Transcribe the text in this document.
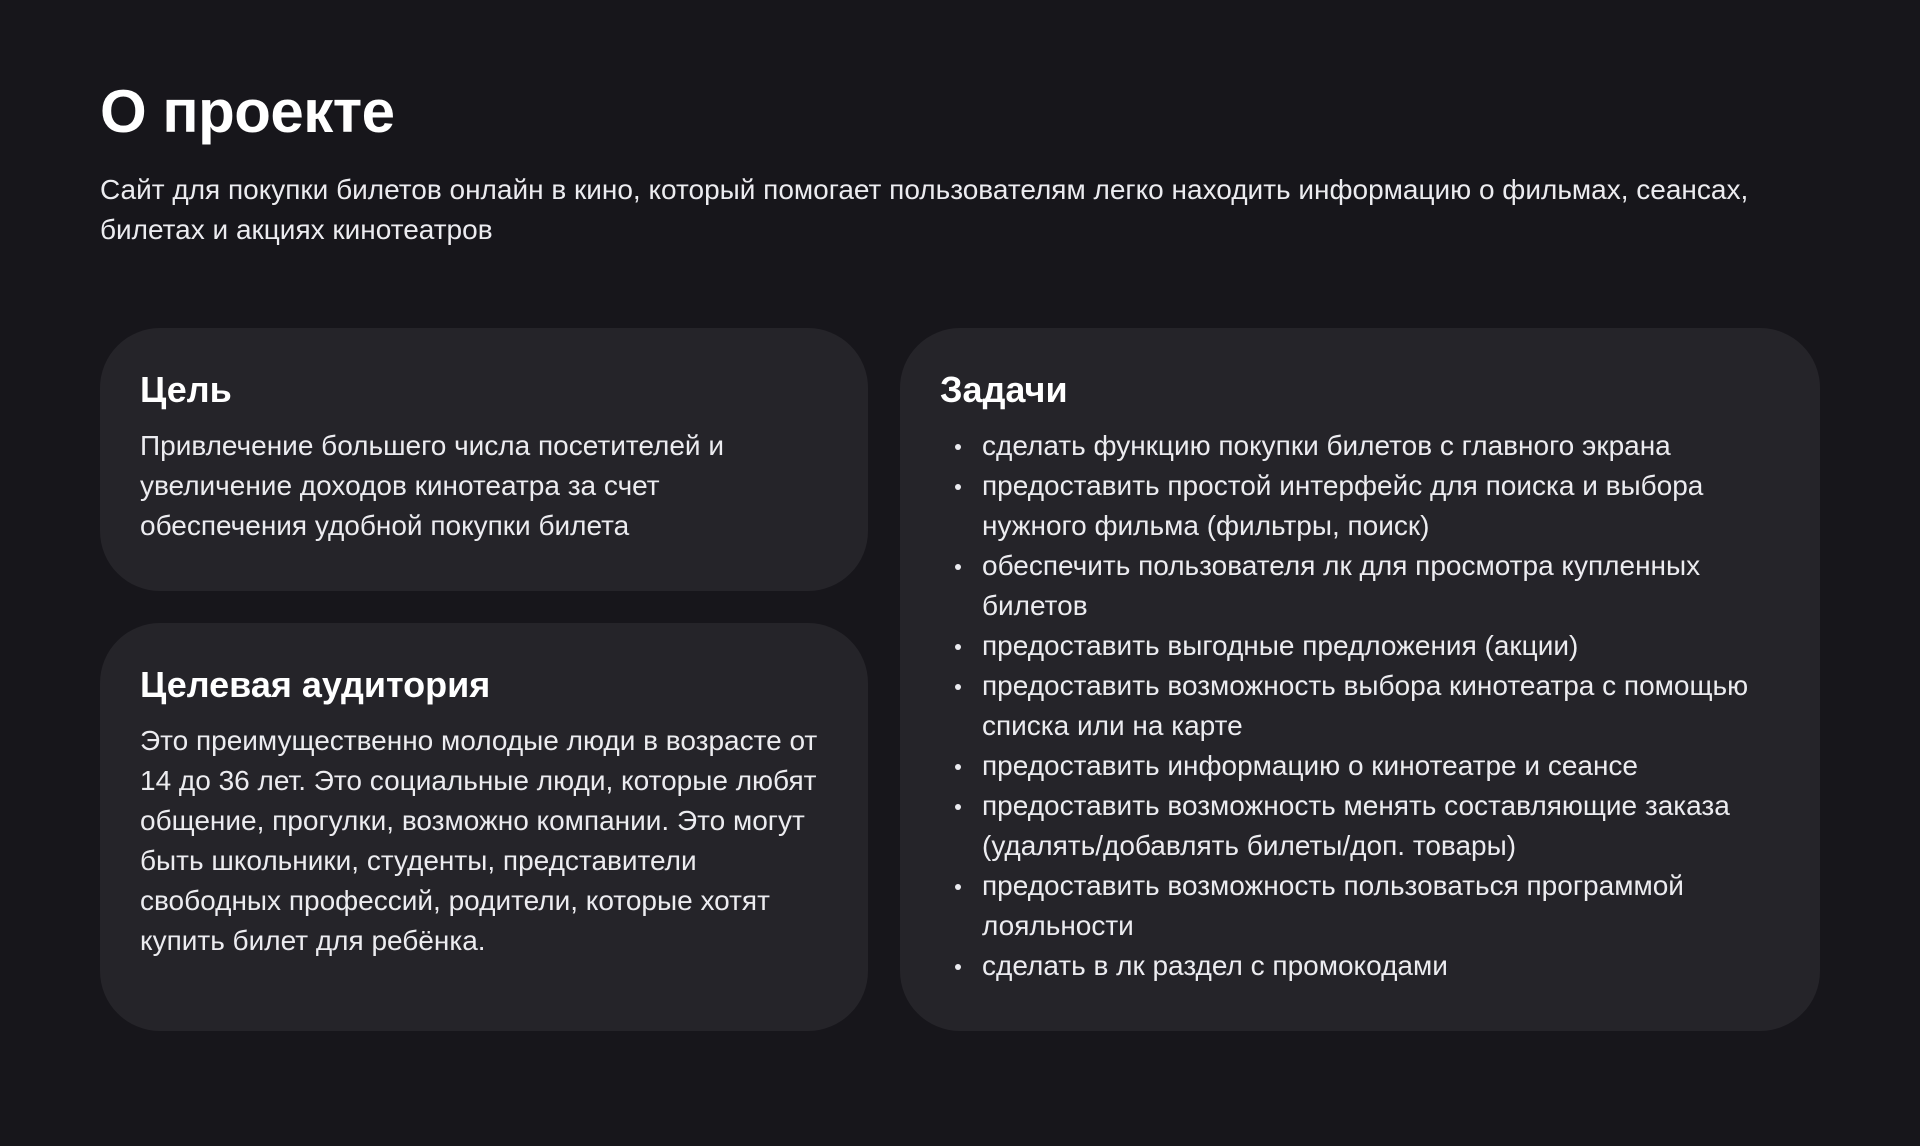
О проекте

Сайт для покупки билетов онлайн в кино, который помогает пользователям легко находить информацию о фильмах, сеансах, билетах и акциях кинотеатров

Цель

Привлечение большего числа посетителей и увеличение доходов кинотеатра за счет обеспечения удобной покупки билета

Целевая аудитория

Это преимущественно молодые люди в возрасте от 14 до 36 лет. Это социальные люди, которые любят общение, прогулки, возможно компании. Это могут быть школьники, студенты, представители свободных профессий, родители, которые хотят купить билет для ребёнка.

Задачи
сделать функцию покупки билетов с главного экрана
предоставить простой интерфейс для поиска и выбора нужного фильма (фильтры, поиск)
обеспечить пользователя лк для просмотра купленных билетов
предоставить выгодные предложения (акции)
предоставить возможность выбора кинотеатра с помощью списка или на карте
предоставить информацию о кинотеатре и сеансе
предоставить возможность менять составляющие заказа (удалять/добавлять билеты/доп. товары)
предоставить возможность пользоваться программой лояльности
сделать в лк раздел с промокодами
